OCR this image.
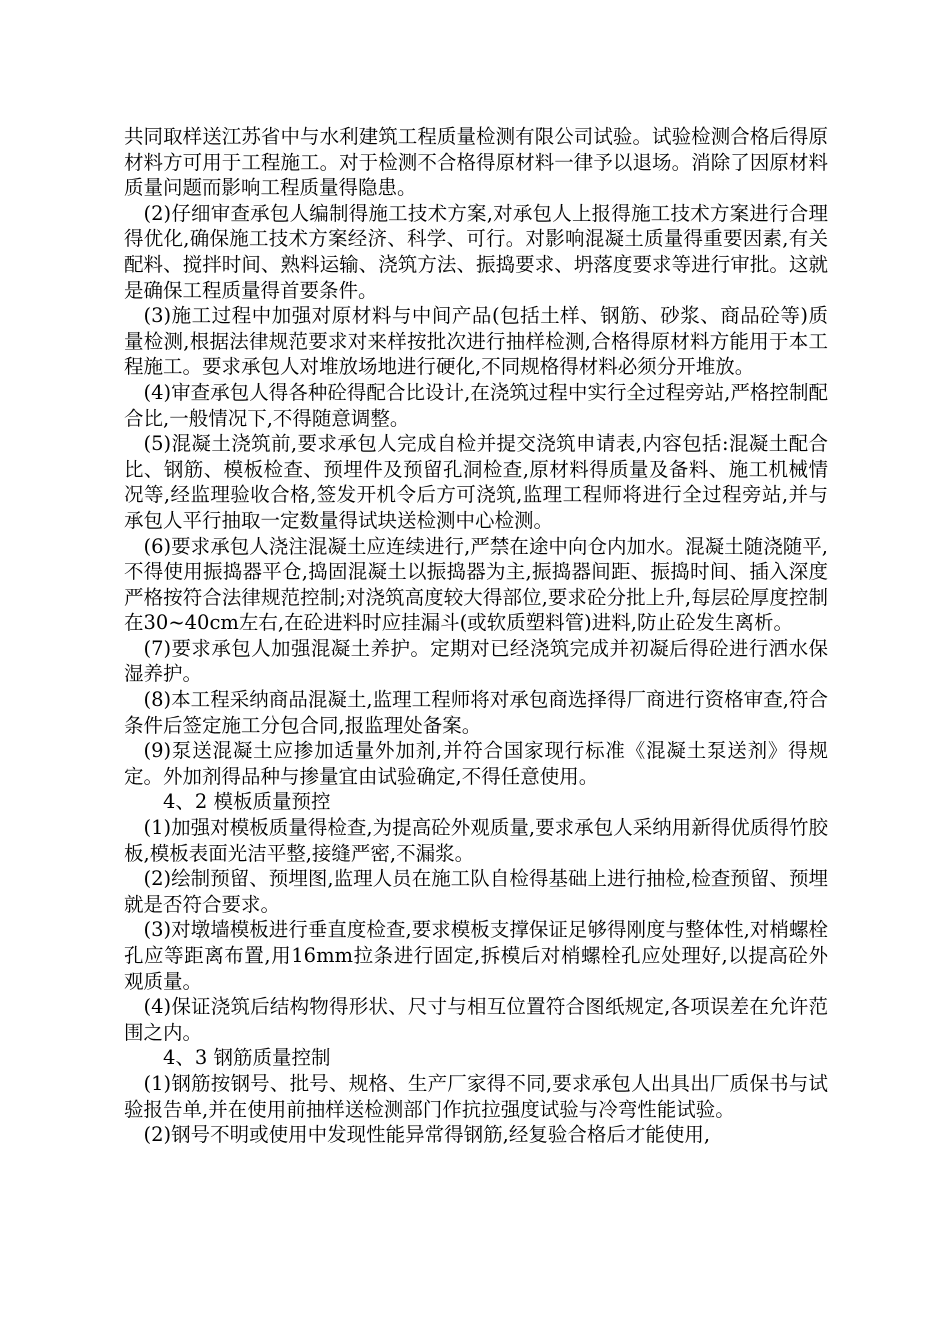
共同取样送江苏省中与水利建筑工程质量检测有限公司试验。试验检测合格后得原材料方可用于工程施工。对于检测不合格得原材料一律予以退场。消除了因原材料质量问题而影响工程质量得隐患。

(2)仔细审查承包人编制得施工技术方案,对承包人上报得施工技术方案进行合理得优化,确保施工技术方案经济、科学、可行。对影响混凝土质量得重要因素,有关配料、搅拌时间、熟料运输、浇筑方法、振捣要求、坍落度要求等进行审批。这就是确保工程质量得首要条件。

(3)施工过程中加强对原材料与中间产品(包括土样、钢筋、砂浆、商品砼等)质量检测,根据法律规范要求对来样按批次进行抽样检测,合格得原材料方能用于本工程施工。要求承包人对堆放场地进行硬化,不同规格得材料必须分开堆放。

(4)审查承包人得各种砼得配合比设计,在浇筑过程中实行全过程旁站,严格控制配合比,一般情况下,不得随意调整。

(5)混凝土浇筑前,要求承包人完成自检并提交浇筑申请表,内容包括:混凝土配合比、钢筋、模板检查、预埋件及预留孔洞检查,原材料得质量及备料、施工机械情况等,经监理验收合格,签发开机令后方可浇筑,监理工程师将进行全过程旁站,并与承包人平行抽取一定数量得试块送检测中心检测。

(6)要求承包人浇注混凝土应连续进行,严禁在途中向仓内加水。混凝土随浇随平,不得使用振捣器平仓,捣固混凝土以振捣器为主,振捣器间距、振捣时间、插入深度严格按符合法律规范控制;对浇筑高度较大得部位,要求砼分批上升,每层砼厚度控制在30~40cm左右,在砼进料时应挂漏斗(或软质塑料管)进料,防止砼发生离析。

(7)要求承包人加强混凝土养护。定期对已经浇筑完成并初凝后得砼进行洒水保湿养护。

(8)本工程采纳商品混凝土,监理工程师将对承包商选择得厂商进行资格审查,符合条件后签定施工分包合同,报监理处备案。

(9)泵送混凝土应掺加适量外加剂,并符合国家现行标准《混凝土泵送剂》得规定。外加剂得品种与掺量宜由试验确定,不得任意使用。

4、2 模板质量预控

(1)加强对模板质量得检查,为提高砼外观质量,要求承包人采纳用新得优质得竹胶板,模板表面光洁平整,接缝严密,不漏浆。

(2)绘制预留、预埋图,监理人员在施工队自检得基础上进行抽检,检查预留、预埋就是否符合要求。

(3)对墩墙模板进行垂直度检查,要求模板支撑保证足够得刚度与整体性,对梢螺栓孔应等距离布置,用16mm拉条进行固定,拆模后对梢螺栓孔应处理好,以提高砼外观质量。

(4)保证浇筑后结构物得形状、尺寸与相互位置符合图纸规定,各项误差在允许范围之内。

4、3 钢筋质量控制

(1)钢筋按钢号、批号、规格、生产厂家得不同,要求承包人出具出厂质保书与试验报告单,并在使用前抽样送检测部门作抗拉强度试验与冷弯性能试验。

(2)钢号不明或使用中发现性能异常得钢筋,经复验合格后才能使用,
